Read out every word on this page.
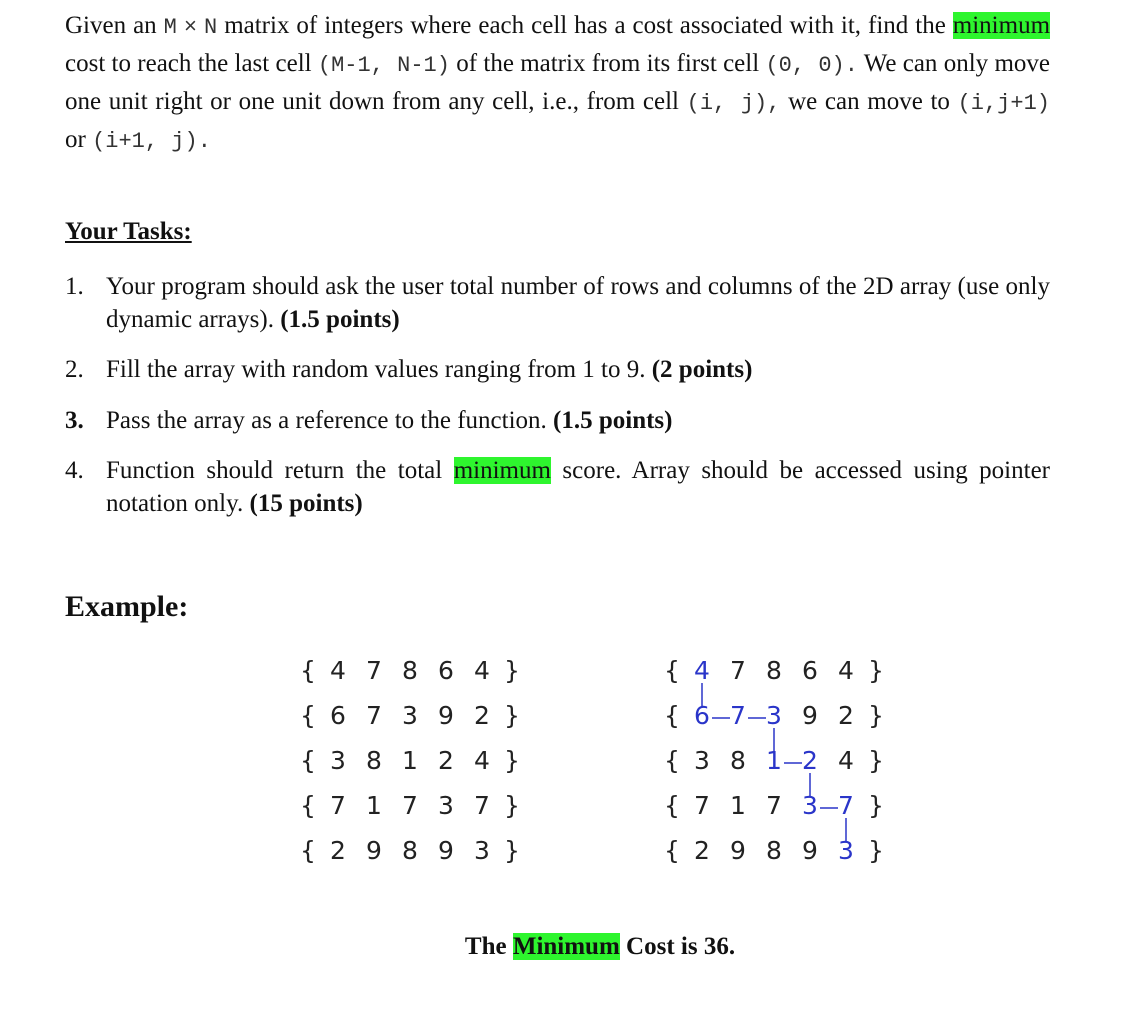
Given an M × N matrix of integers where each cell has a cost associated with it, find the minimum cost to reach the last cell (M-1, N-1) of the matrix from its first cell (0, 0). We can only move one unit right or one unit down from any cell, i.e., from cell (i, j), we can move to (i,j+1) or (i+1, j).
Your Tasks:
1. Your program should ask the user total number of rows and columns of the 2D array (use only dynamic arrays). (1.5 points)
2. Fill the array with random values ranging from 1 to 9. (2 points)
3. Pass the array as a reference to the function. (1.5 points)
4. Function should return the total minimum score. Array should be accessed using pointer notation only. (15 points)
Example:
{ 4 7 8 6 4 }
{ 6 7 3 9 2 }
{ 3 8 1 2 4 }
{ 7 1 7 3 7 }
{ 2 9 8 9 3 }
{ 4 7 8 6 4 }
{ 6 7 3 9 2 }
{ 3 8 1 2 4 }
{ 7 1 7 3 7 }
{ 2 9 8 9 3 }
The Minimum Cost is 36.
